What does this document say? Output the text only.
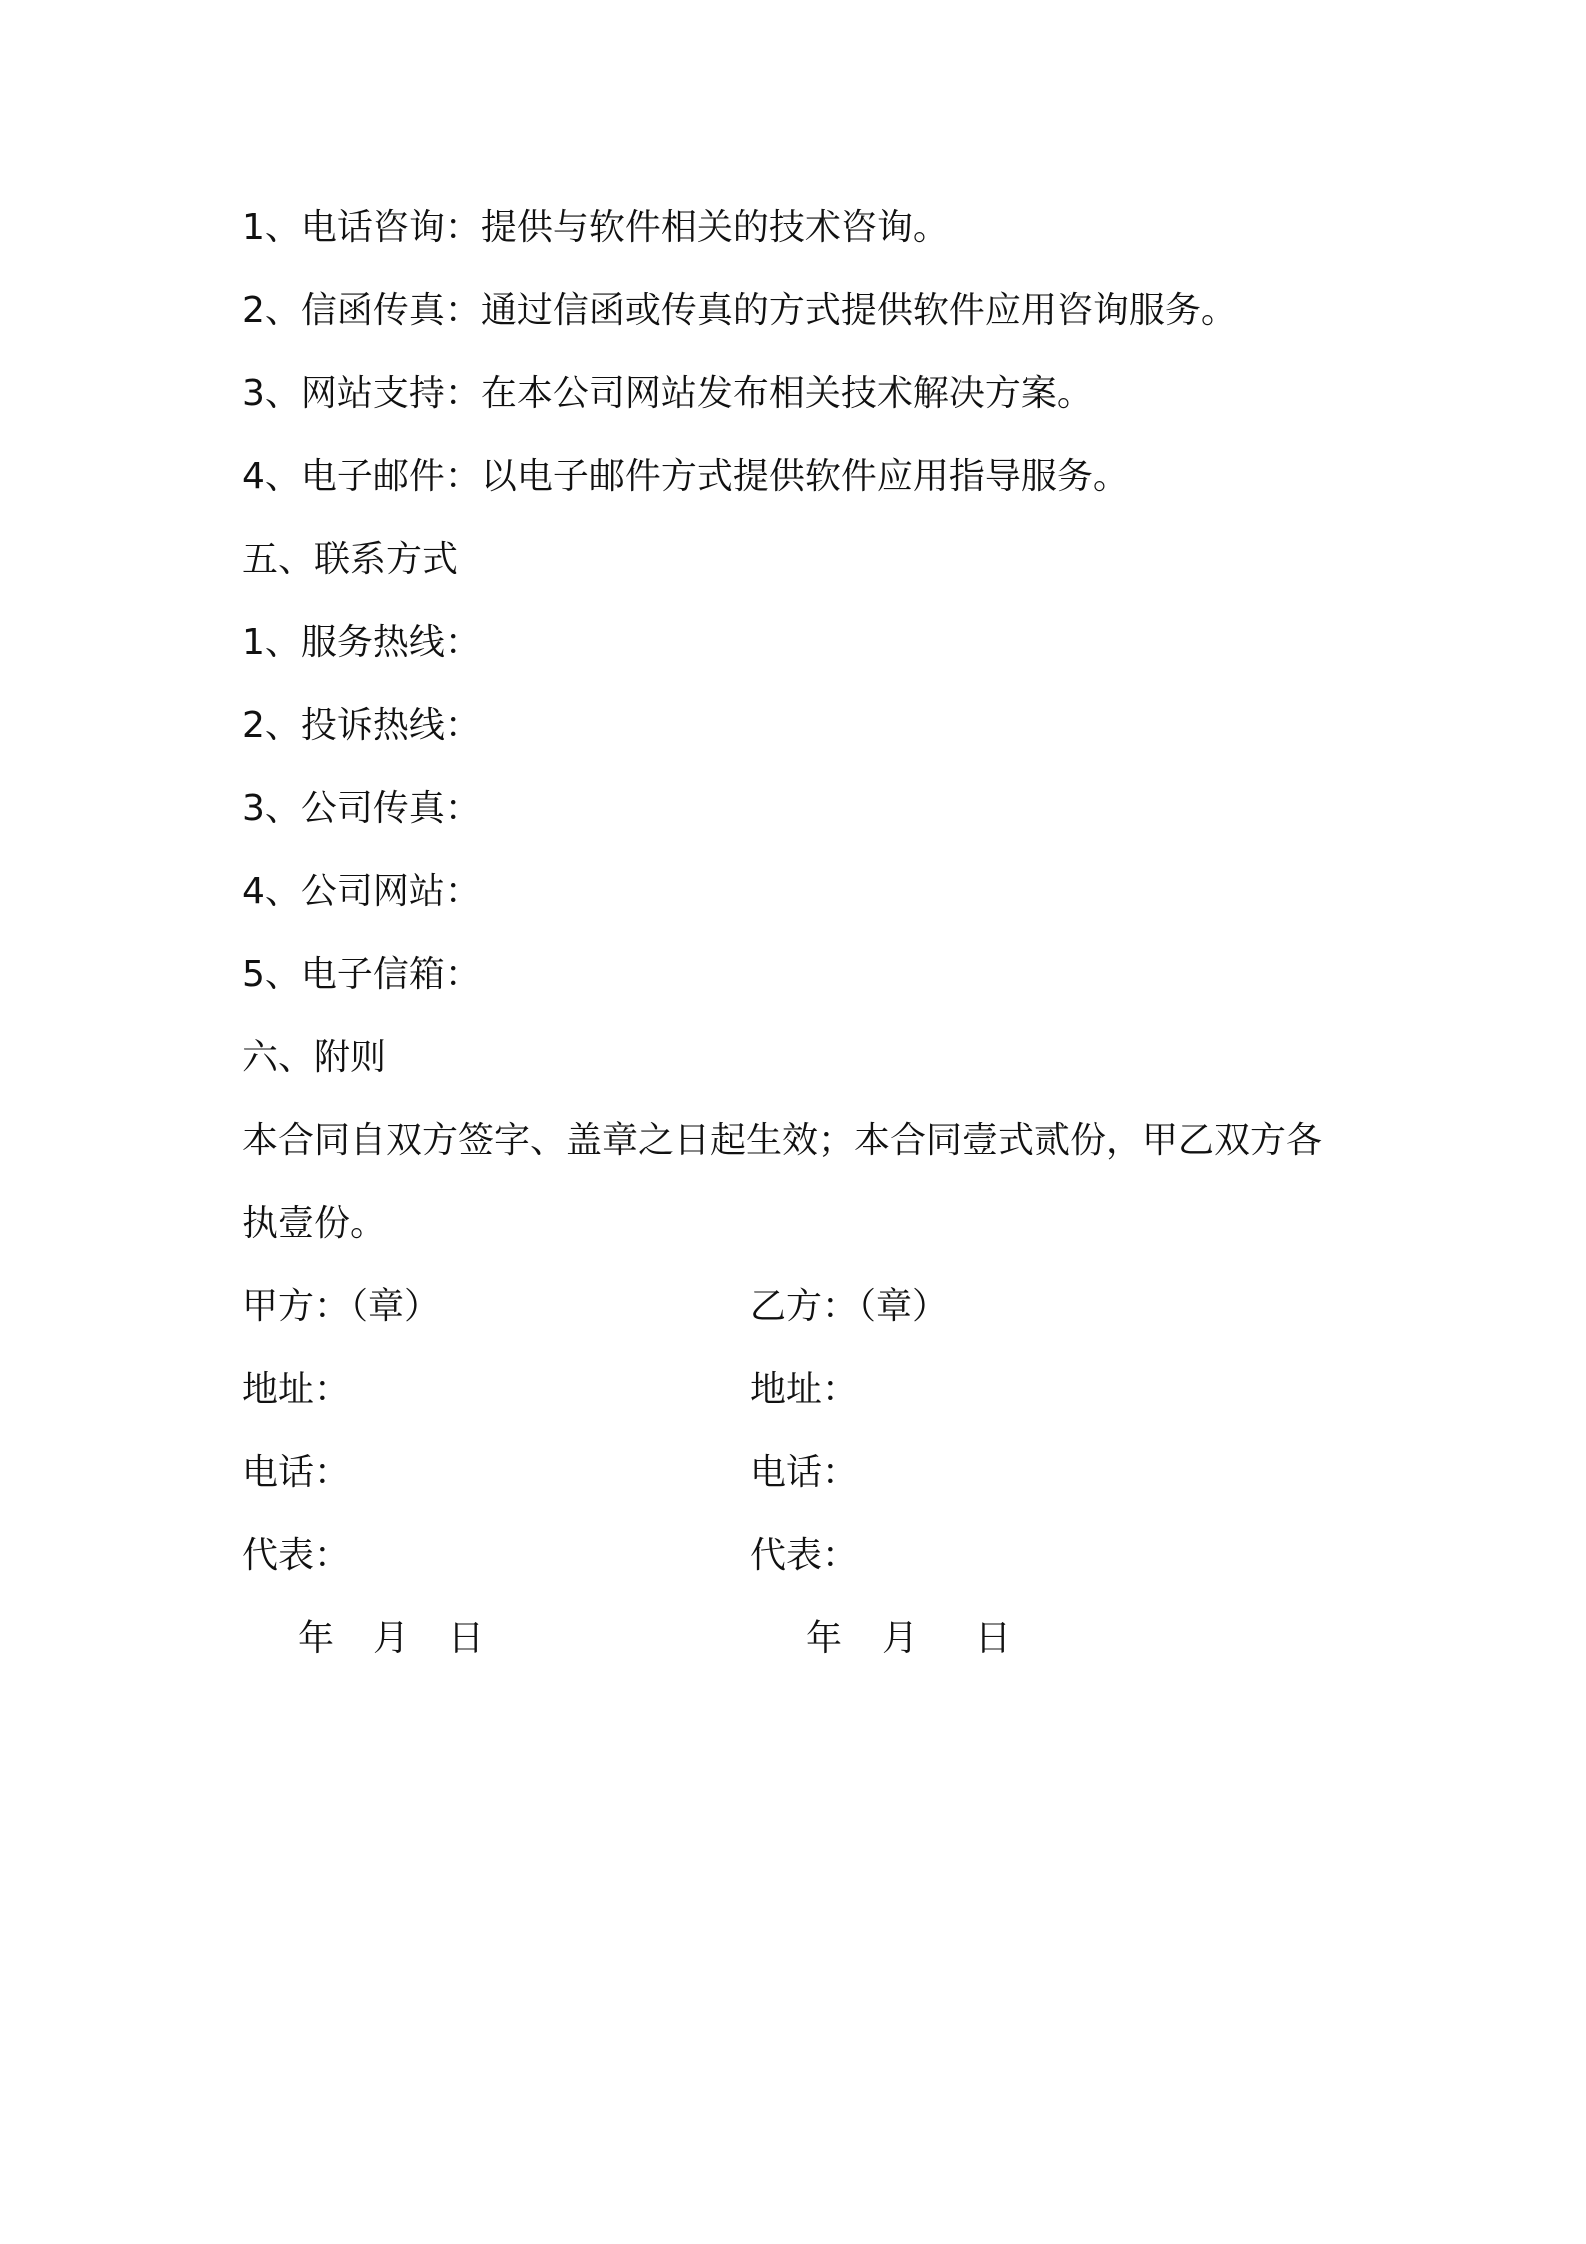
1、电话咨询：提供与软件相关的技术咨询。
2、信函传真：通过信函或传真的方式提供软件应用咨询服务。
3、网站支持：在本公司网站发布相关技术解决方案。
4、电子邮件：以电子邮件方式提供软件应用指导服务。
五、联系方式
1、服务热线：
2、投诉热线：
3、公司传真：
4、公司网站：
5、电子信箱：
六、附则
本合同自双方签字、盖章之日起生效；本合同壹式贰份，甲乙双方各
执壹份。
甲方：（章）
地址：
电话：
代表：
乙方：（章）
地址：
电话：
代表：
年 月 日	年 月 日
